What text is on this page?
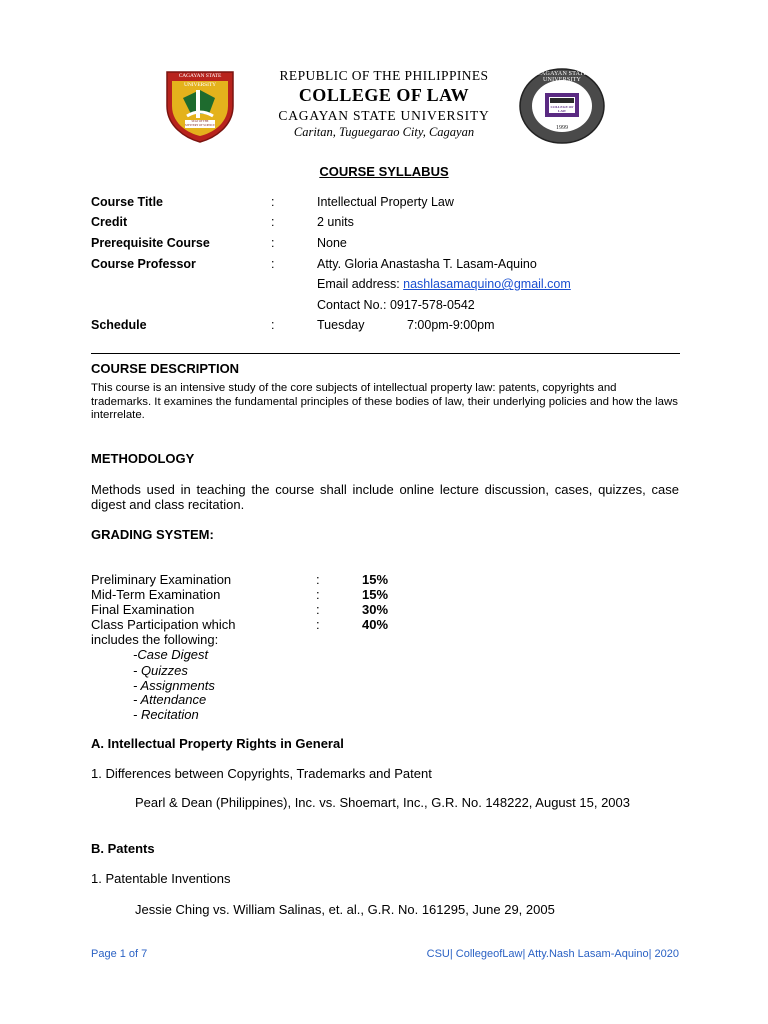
CAGAYAN STATE UNIVERSITY
SEAT OF THE MYSTERY OF SCIENCE
CAGAYAN STATE UNIVERSITY
COLLEGE OF LAW
1999
REPUBLIC OF THE PHILIPPINES
COLLEGE OF LAW
CAGAYAN STATE UNIVERSITY
Caritan, Tuguegarao City, Cagayan
COURSE SYLLABUS
Course Title	:	Intellectual Property Law
Credit	:	2 units
Prerequisite Course	:	None
Course Professor	:	Atty. Gloria Anastasha T. Lasam-Aquino
Email address: nashlasamaquino@gmail.com
Contact No.: 0917-578-0542
Schedule	:	Tuesday	7:00pm-9:00pm
COURSE DESCRIPTION
This course is an intensive study of the core subjects of intellectual property law: patents, copyrights and trademarks. It examines the fundamental principles of these bodies of law, their underlying policies and how the laws interrelate.
METHODOLOGY
Methods used in teaching the course shall include online lecture discussion, cases, quizzes, case digest and class recitation.
GRADING SYSTEM:
Preliminary Examination	:	15%
Mid-Term Examination	:	15%
Final Examination	:	30%
Class Participation which	:	40%
includes the following:
-Case Digest
- Quizzes
- Assignments
- Attendance
- Recitation
A. Intellectual Property Rights in General
1. Differences between Copyrights, Trademarks and Patent
Pearl & Dean (Philippines), Inc. vs. Shoemart, Inc., G.R. No. 148222, August 15, 2003
B. Patents
1. Patentable Inventions
Jessie Ching vs. William Salinas, et. al., G.R. No. 161295, June 29, 2005
Page 1 of 7	CSU| CollegeofLaw| Atty.Nash Lasam-Aquino| 2020
